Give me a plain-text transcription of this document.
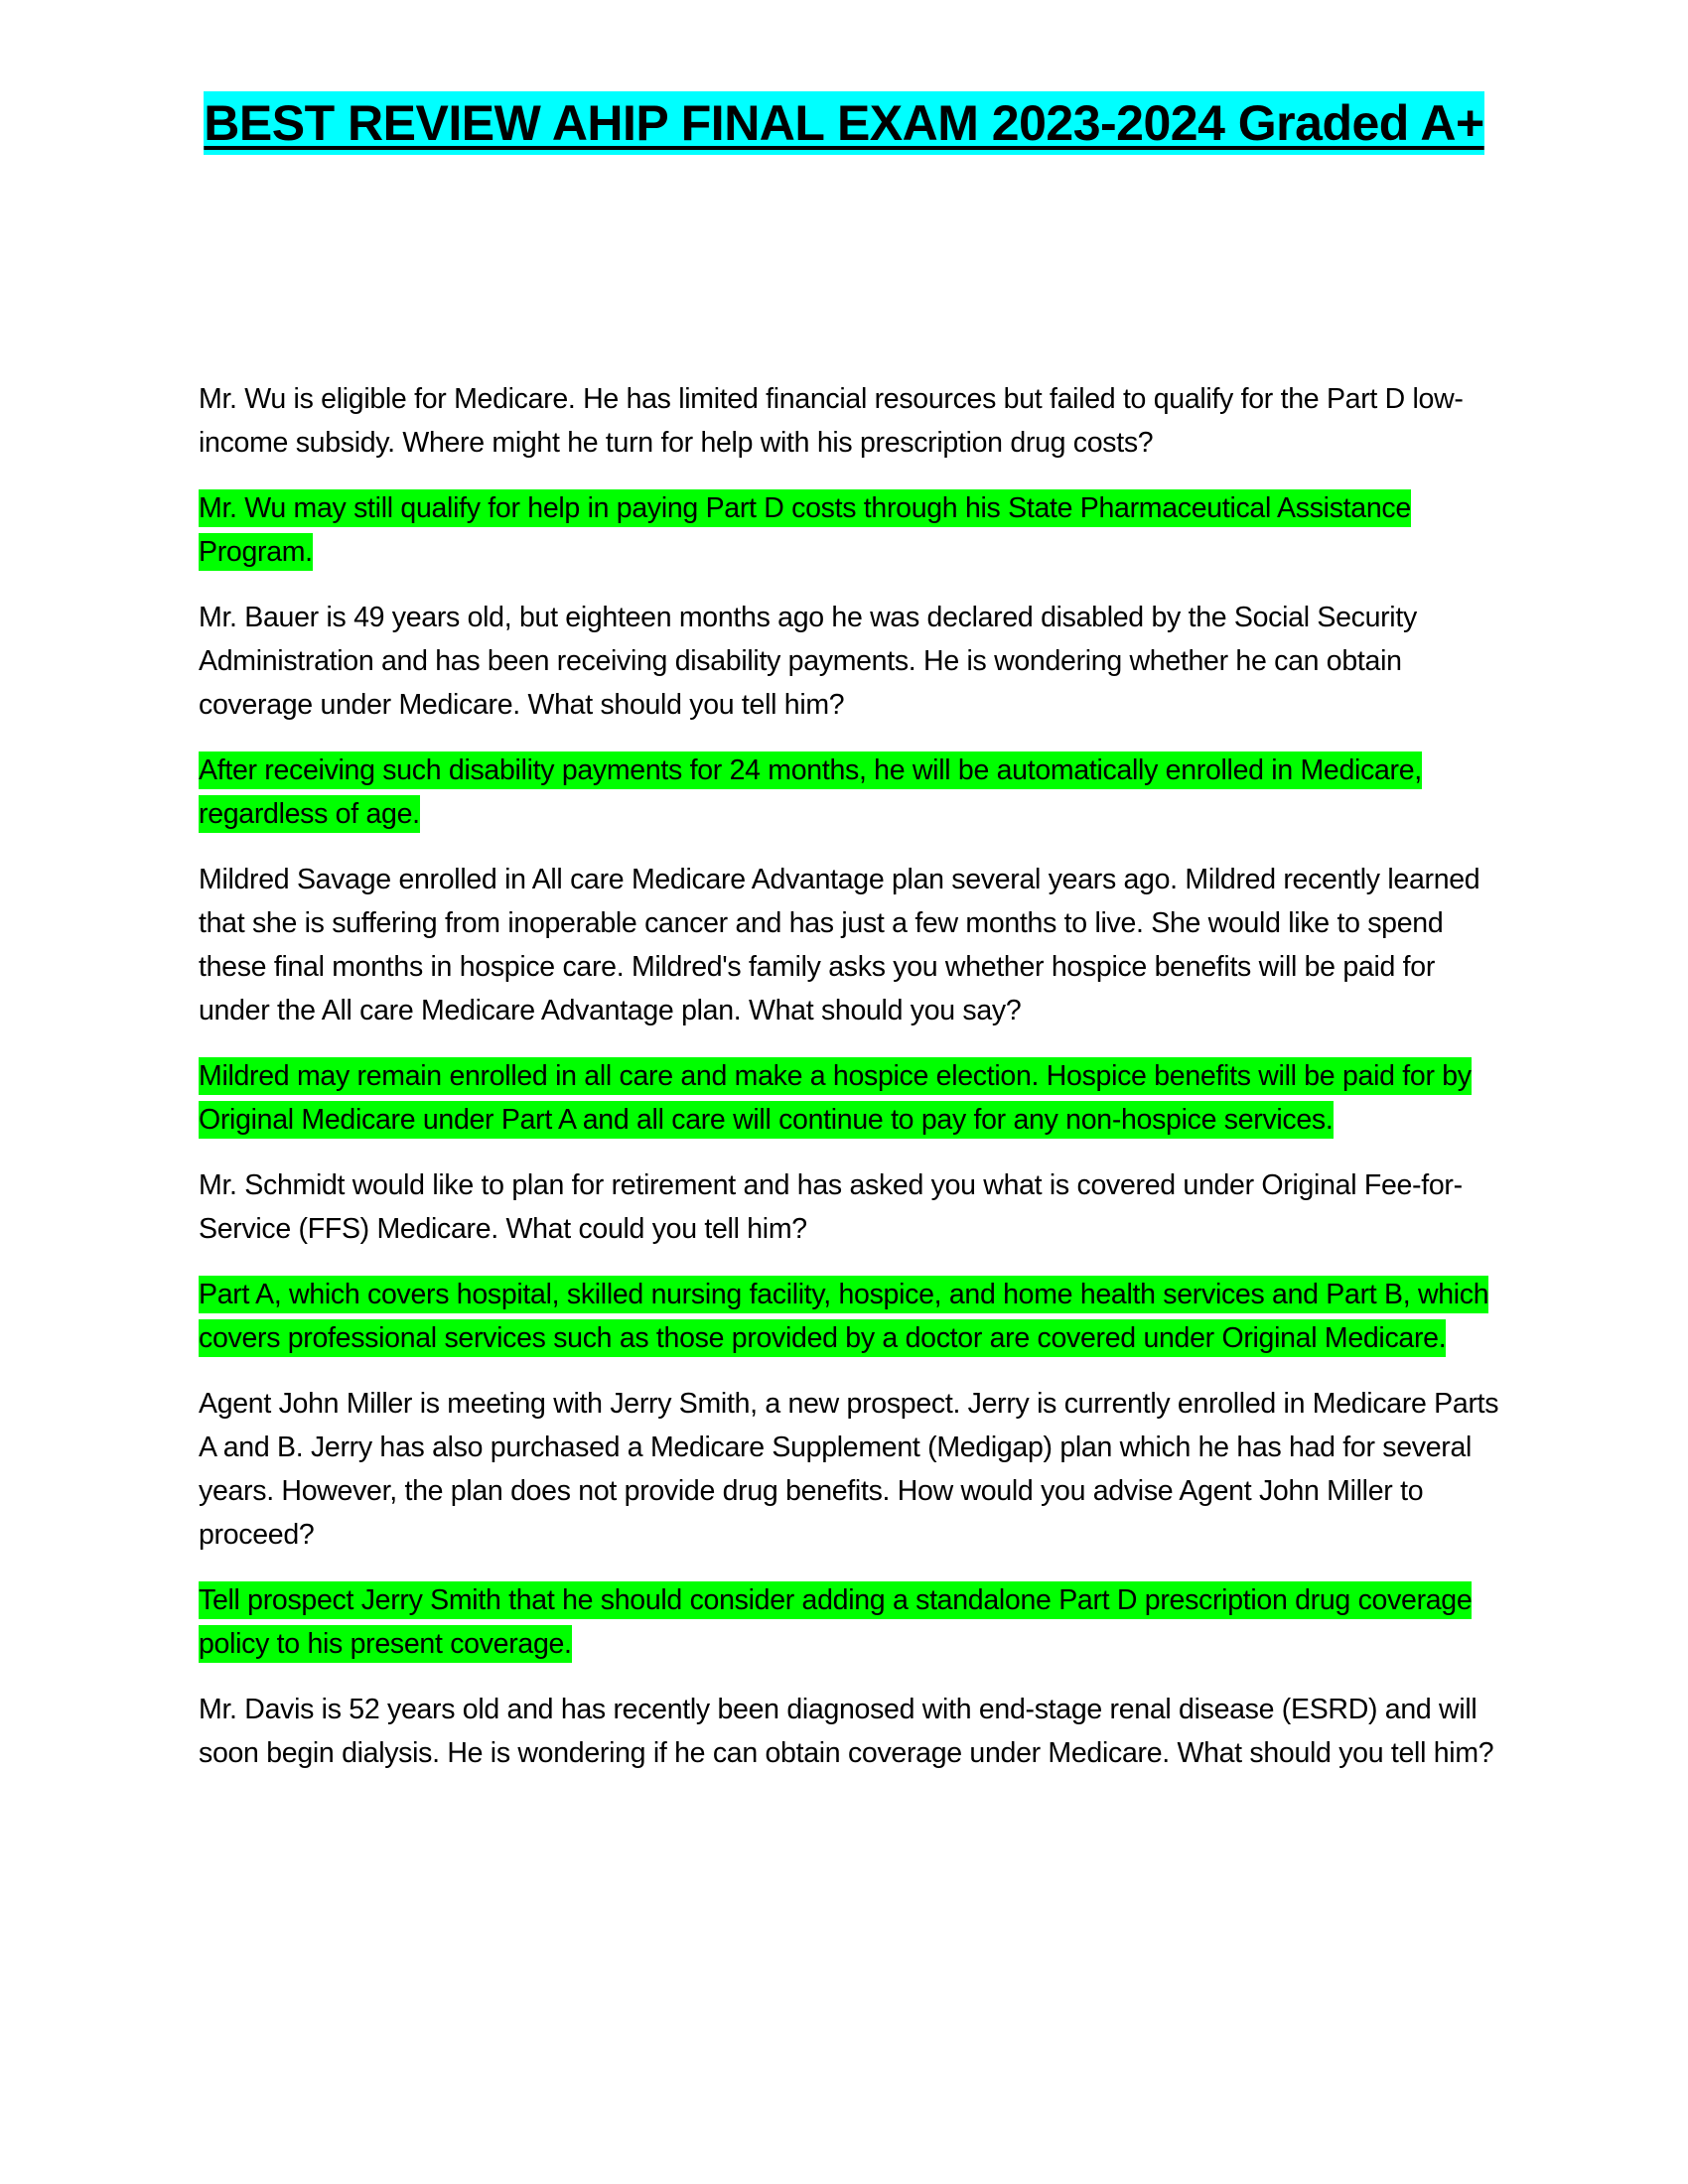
BEST REVIEW AHIP FINAL EXAM 2023-2024 Graded A+

Mr. Wu is eligible for Medicare. He has limited financial resources but failed to qualify for the Part D low-income subsidy. Where might he turn for help with his prescription drug costs?

Mr. Wu may still qualify for help in paying Part D costs through his State Pharmaceutical Assistance Program.

Mr. Bauer is 49 years old, but eighteen months ago he was declared disabled by the Social Security Administration and has been receiving disability payments. He is wondering whether he can obtain coverage under Medicare. What should you tell him?

After receiving such disability payments for 24 months, he will be automatically enrolled in Medicare, regardless of age.

Mildred Savage enrolled in All care Medicare Advantage plan several years ago. Mildred recently learned that she is suffering from inoperable cancer and has just a few months to live. She would like to spend these final months in hospice care. Mildred's family asks you whether hospice benefits will be paid for under the All care Medicare Advantage plan. What should you say?

Mildred may remain enrolled in all care and make a hospice election. Hospice benefits will be paid for by Original Medicare under Part A and all care will continue to pay for any non-hospice services.

Mr. Schmidt would like to plan for retirement and has asked you what is covered under Original Fee-for-Service (FFS) Medicare. What could you tell him?

Part A, which covers hospital, skilled nursing facility, hospice, and home health services and Part B, which covers professional services such as those provided by a doctor are covered under Original Medicare.

Agent John Miller is meeting with Jerry Smith, a new prospect. Jerry is currently enrolled in Medicare Parts A and B. Jerry has also purchased a Medicare Supplement (Medigap) plan which he has had for several years. However, the plan does not provide drug benefits. How would you advise Agent John Miller to proceed?

Tell prospect Jerry Smith that he should consider adding a standalone Part D prescription drug coverage policy to his present coverage.

Mr. Davis is 52 years old and has recently been diagnosed with end-stage renal disease (ESRD) and will soon begin dialysis. He is wondering if he can obtain coverage under Medicare. What should you tell him?
